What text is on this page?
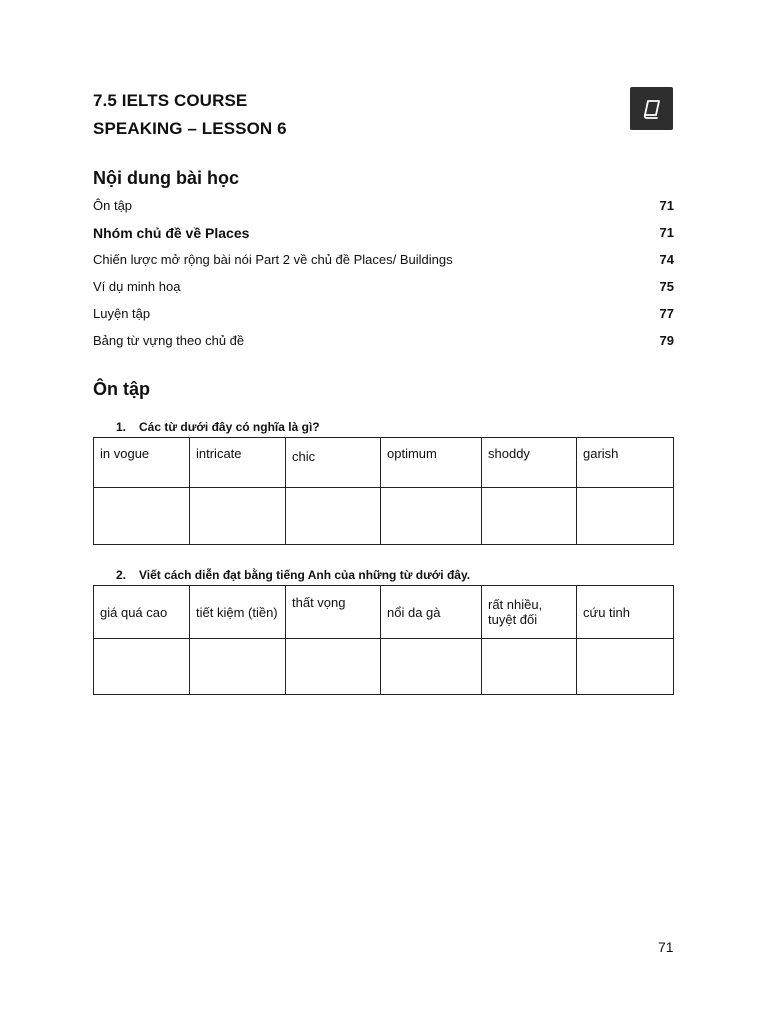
7.5 IELTS COURSE
SPEAKING – LESSON 6
Nội dung bài học
Ôn tập	71
Nhóm chủ đề về Places	71
Chiến lược mở rộng bài nói Part 2 về chủ đề Places/ Buildings	74
Ví dụ minh hoạ	75
Luyện tập	77
Bảng từ vựng theo chủ đề	79
Ôn tập
1. Các từ dưới đây có nghĩa là gì?
in vogue	intricate	chic	optimum	shoddy	garish

2. Viết cách diễn đạt bằng tiếng Anh của những từ dưới đây.
giá quá cao	tiết kiệm (tiền)	thất vọng	nổi da gà	rất nhiều, tuyệt đối	cứu tinh

71
